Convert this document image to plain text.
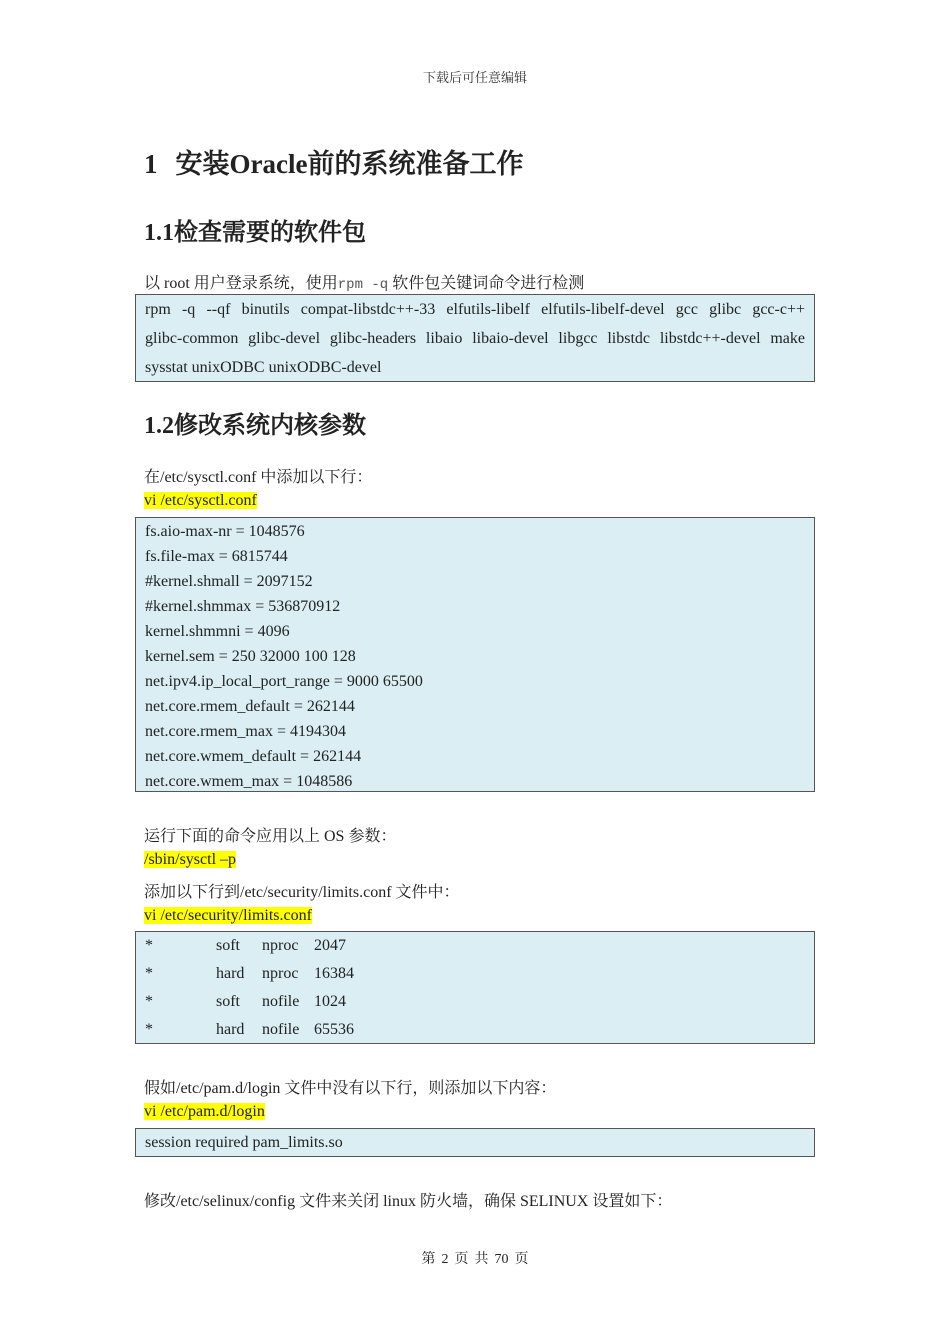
下载后可任意编辑
1 安装Oracle前的系统准备工作
1.1检查需要的软件包
以 root 用户登录系统，使用rpm -q 软件包关键词命令进行检测
rpm -q --qf binutils compat-libstdc++-33 elfutils-libelf elfutils-libelf-devel gcc glibc gcc-c++
glibc-common glibc-devel glibc-headers libaio libaio-devel libgcc libstdc libstdc++-devel make
sysstat unixODBC unixODBC-devel
1.2修改系统内核参数
在/etc/sysctl.conf 中添加以下行：
vi /etc/sysctl.conf
fs.aio-max-nr = 1048576
fs.file-max = 6815744
#kernel.shmall = 2097152
#kernel.shmmax = 536870912
kernel.shmmni = 4096
kernel.sem = 250 32000 100 128
net.ipv4.ip_local_port_range = 9000 65500
net.core.rmem_default = 262144
net.core.rmem_max = 4194304
net.core.wmem_default = 262144
net.core.wmem_max = 1048586
运行下面的命令应用以上 OS 参数：
/sbin/sysctl –p
添加以下行到/etc/security/limits.conf 文件中：
vi /etc/security/limits.conf
*	soft nproc 2047
*	hard nproc 16384
*	soft nofile 1024
*	hard nofile 65536
假如/etc/pam.d/login 文件中没有以下行，则添加以下内容：
vi /etc/pam.d/login
session required pam_limits.so
修改/etc/selinux/config 文件来关闭 linux 防火墙，确保 SELINUX 设置如下：
第 2 页 共 70 页
